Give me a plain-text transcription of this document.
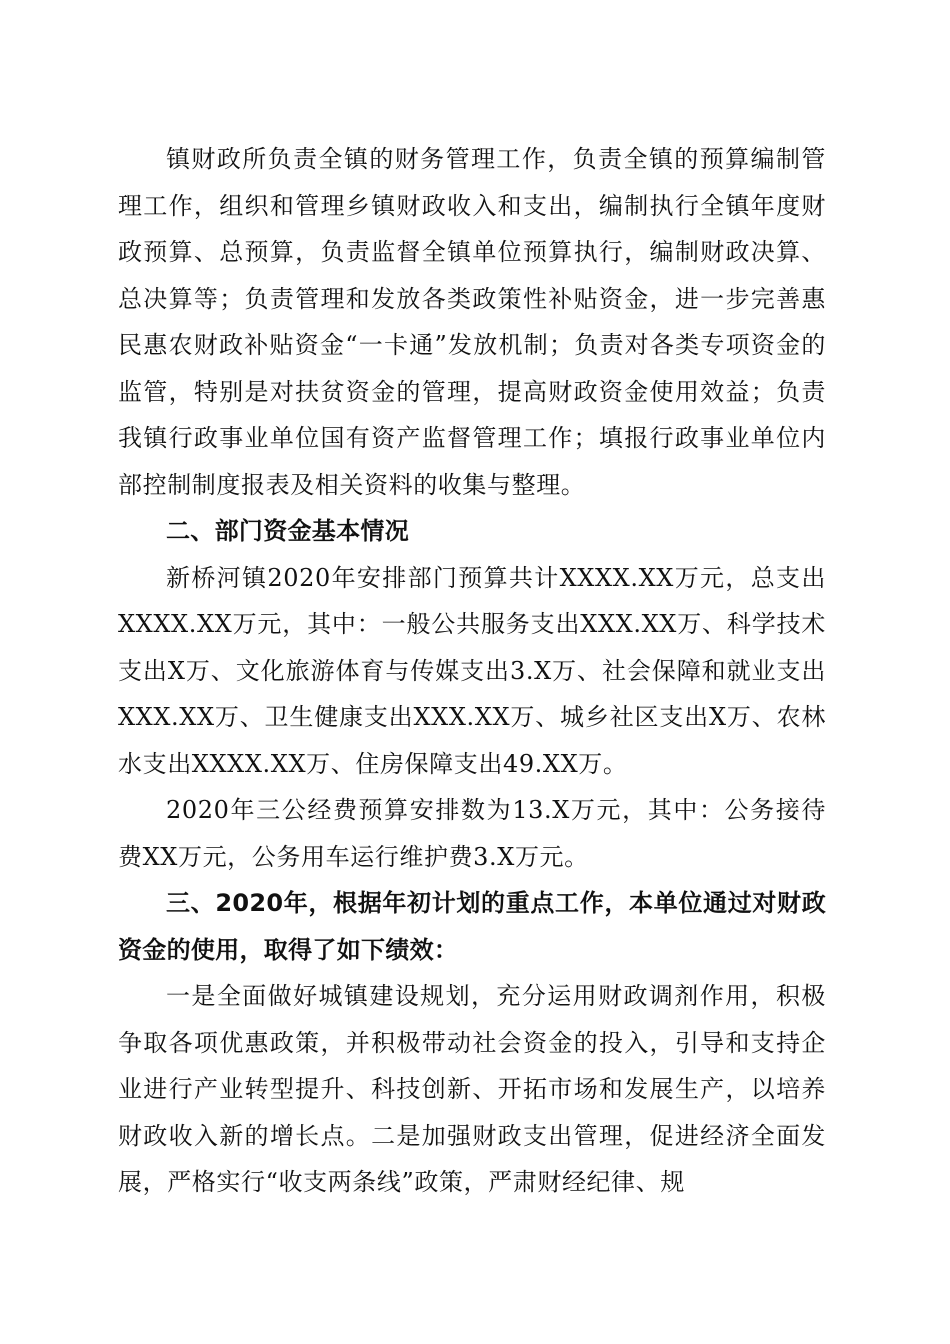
镇财政所负责全镇的财务管理工作，负责全镇的预算编制管理工作，组织和管理乡镇财政收入和支出，编制执行全镇年度财政预算、总预算，负责监督全镇单位预算执行，编制财政决算、总决算等；负责管理和发放各类政策性补贴资金，进一步完善惠民惠农财政补贴资金“一卡通”发放机制；负责对各类专项资金的监管，特别是对扶贫资金的管理，提高财政资金使用效益；负责我镇行政事业单位国有资产监督管理工作；填报行政事业单位内部控制制度报表及相关资料的收集与整理。

二、部门资金基本情况

新桥河镇2020年安排部门预算共计XXXX.XX万元，总支出XXXX.XX万元，其中：一般公共服务支出XXX.XX万、科学技术支出X万、文化旅游体育与传媒支出3.X万、社会保障和就业支出XXX.XX万、卫生健康支出XXX.XX万、城乡社区支出X万、农林水支出XXXX.XX万、住房保障支出49.XX万。

2020年三公经费预算安排数为13.X万元，其中：公务接待费XX万元，公务用车运行维护费3.X万元。

三、2020年，根据年初计划的重点工作，本单位通过对财政资金的使用，取得了如下绩效：

一是全面做好城镇建设规划，充分运用财政调剂作用，积极争取各项优惠政策，并积极带动社会资金的投入，引导和支持企业进行产业转型提升、科技创新、开拓市场和发展生产，以培养财政收入新的增长点。二是加强财政支出管理，促进经济全面发展，严格实行“收支两条线”政策，严肃财经纪律、规
